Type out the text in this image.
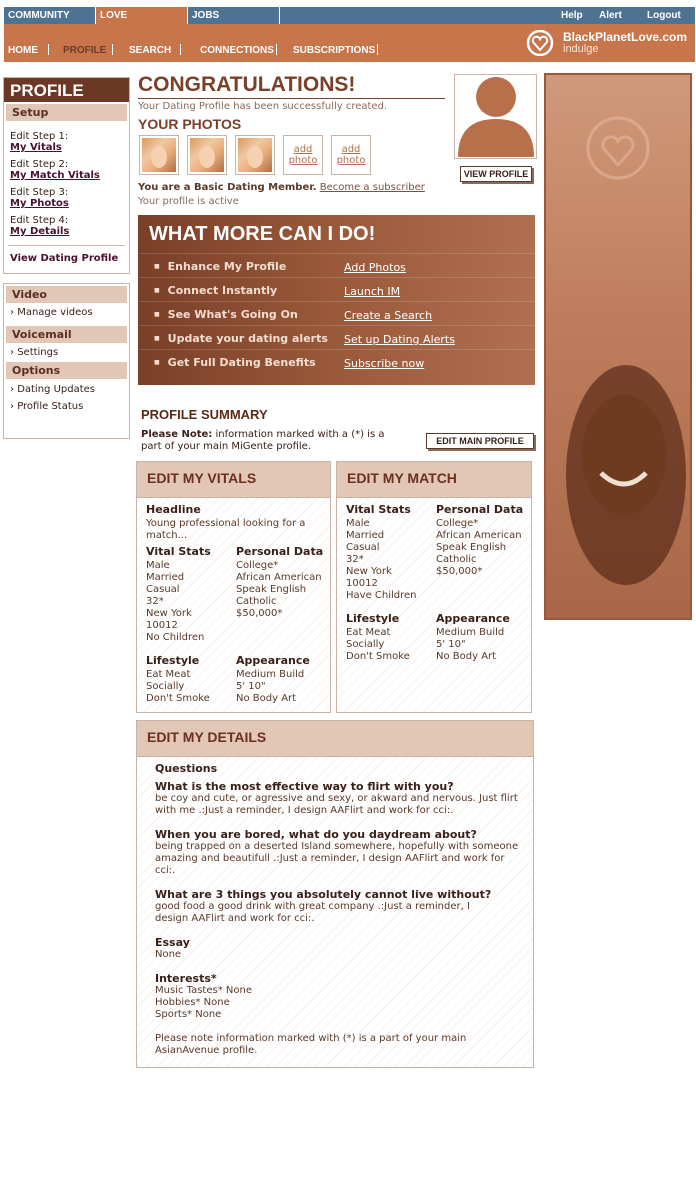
COMMUNITY	LOVE	JOBS	Help	Alert	Logout
HOME	PROFILE SEARCH	CONNECTIONS SUBSCRIPTIONS
BlackPlanetLove.com
indulge
PROFILE
Setup
Edit Step 1:
My Vitals
Edit Step 2:
My Match Vitals
Edit Step 3:
My Photos
Edit Step 4:
My Details
View Dating Profile
Video
› Manage videos
Voicemail
› Settings
Options
› Dating Updates
› Profile Status
CONGRATULATIONS!
Your Dating Profile has been successfully created.
YOUR PHOTOS
add photo
add photo
You are a Basic Dating Member. Become a subscriber
Your profile is active
VIEW PROFILE
WHAT MORE CAN I DO!
■ Enhance My Profile	Add Photos
■ Connect Instantly	Launch IM
■ See What's Going On	Create a Search
■ Update your dating alerts Set up Dating Alerts
■ Get Full Dating Benefits	Subscribe now
PROFILE SUMMARY
Please Note: information marked with a (*) is a part of your main MiGente profile.	EDIT MAIN PROFILE
EDIT MY VITALS
Headline
Young professional looking for a match...
Vital Stats
Male
Married
Casual
32*
New York
10012
No Children
Personal Data
College*
African American
Speak English
Catholic
$50,000*
Lifestyle
Eat Meat
Socially
Don't Smoke
Appearance
Medium Build
5' 10"
No Body Art
EDIT MY MATCH
Vital Stats
Male
Married
Casual
32*
New York
10012
Have Children
Personal Data
College*
African American
Speak English
Catholic
$50,000*
Lifestyle
Eat Meat
Socially
Don't Smoke
Appearance
Medium Build
5' 10"
No Body Art
EDIT MY DETAILS
Questions
What is the most effective way to flirt with you?
be coy and cute, or agressive and sexy, or akward and nervous. Just flirt with me .:Just a reminder, I design AAFlirt and work for cci:.
When you are bored, what do you daydream about?
being trapped on a deserted Island somewhere, hopefully with someone amazing and beautifull .:Just a reminder, I design AAFlirt and work for cci:.
What are 3 things you absolutely cannot live without?
good food a good drink with great company .:Just a reminder, I design AAFlirt and work for cci:.
Essay
None
Interests*
Music Tastes* None
Hobbies* None
Sports* None
Please note information marked with (*) is a part of your main AsianAvenue profile.
